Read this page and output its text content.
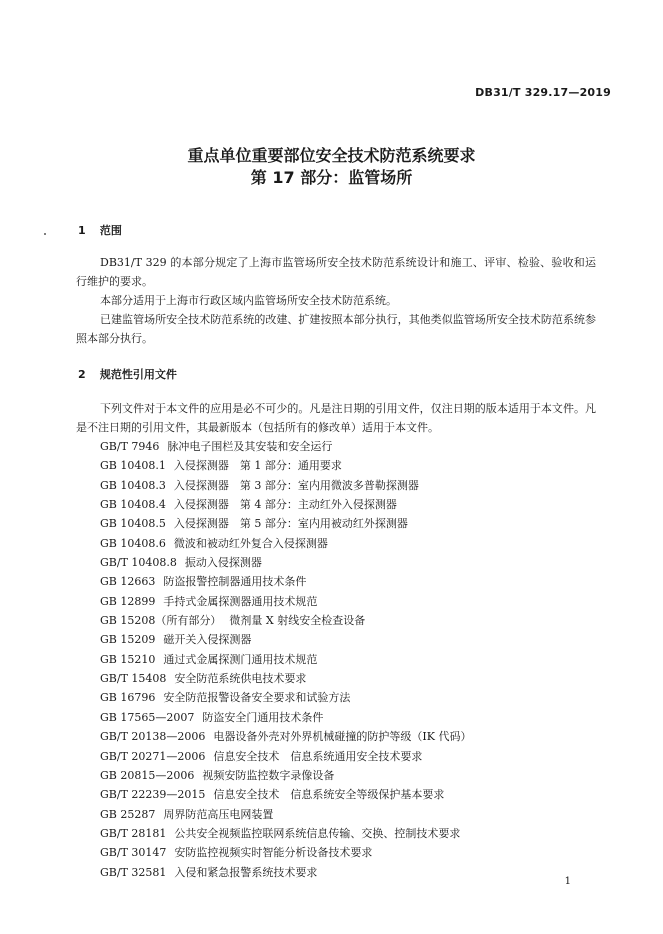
DB31/T 329.17—2019
重点单位重要部位安全技术防范系统要求
第 17 部分：监管场所
1 范围
DB31/T 329 的本部分规定了上海市监管场所安全技术防范系统设计和施工、评审、检验、验收和运行维护的要求。
本部分适用于上海市行政区域内监管场所安全技术防范系统。
已建监管场所安全技术防范系统的改建、扩建按照本部分执行，其他类似监管场所安全技术防范系统参照本部分执行。
2 规范性引用文件
下列文件对于本文件的应用是必不可少的。凡是注日期的引用文件，仅注日期的版本适用于本文件。凡是不注日期的引用文件，其最新版本（包括所有的修改单）适用于本文件。
GB/T 7946 脉冲电子围栏及其安装和安全运行
GB 10408.1 入侵探测器　第 1 部分：通用要求
GB 10408.3 入侵探测器　第 3 部分：室内用微波多普勒探测器
GB 10408.4 入侵探测器　第 4 部分：主动红外入侵探测器
GB 10408.5 入侵探测器　第 5 部分：室内用被动红外探测器
GB 10408.6 微波和被动红外复合入侵探测器
GB/T 10408.8 振动入侵探测器
GB 12663 防盗报警控制器通用技术条件
GB 12899 手持式金属探测器通用技术规范
GB 15208（所有部分） 微剂量 X 射线安全检查设备
GB 15209 磁开关入侵探测器
GB 15210 通过式金属探测门通用技术规范
GB/T 15408 安全防范系统供电技术要求
GB 16796 安全防范报警设备安全要求和试验方法
GB 17565—2007 防盗安全门通用技术条件
GB/T 20138—2006 电器设备外壳对外界机械碰撞的防护等级（IK 代码）
GB/T 20271—2006 信息安全技术　信息系统通用安全技术要求
GB 20815—2006 视频安防监控数字录像设备
GB/T 22239—2015 信息安全技术　信息系统安全等级保护基本要求
GB 25287 周界防范高压电网装置
GB/T 28181 公共安全视频监控联网系统信息传输、交换、控制技术要求
GB/T 30147 安防监控视频实时智能分析设备技术要求
GB/T 32581 入侵和紧急报警系统技术要求
1
